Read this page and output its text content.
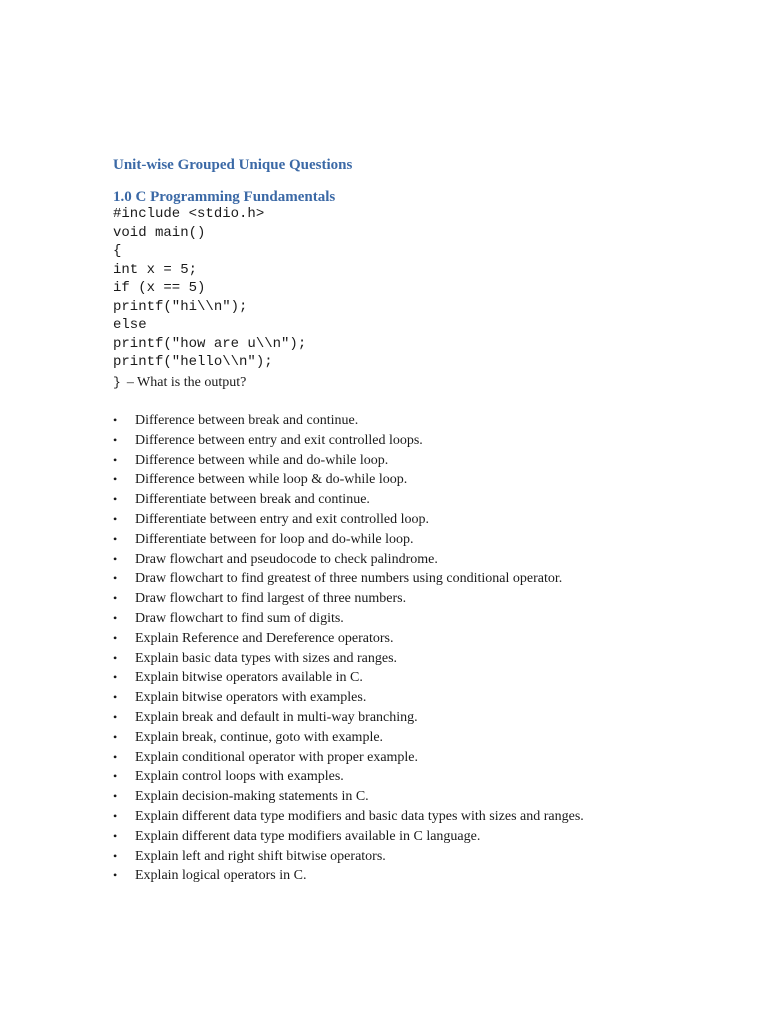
Unit-wise Grouped Unique Questions
1.0 C Programming Fundamentals
#include <stdio.h>
void main()
{
int x = 5;
if (x == 5)
printf("hi\\n");
else
printf("how are u\\n");
printf("hello\\n");
} – What is the output?
• Difference between break and continue.
• Difference between entry and exit controlled loops.
• Difference between while and do-while loop.
• Difference between while loop & do-while loop.
• Differentiate between break and continue.
• Differentiate between entry and exit controlled loop.
• Differentiate between for loop and do-while loop.
• Draw flowchart and pseudocode to check palindrome.
• Draw flowchart to find greatest of three numbers using conditional operator.
• Draw flowchart to find largest of three numbers.
• Draw flowchart to find sum of digits.
• Explain Reference and Dereference operators.
• Explain basic data types with sizes and ranges.
• Explain bitwise operators available in C.
• Explain bitwise operators with examples.
• Explain break and default in multi-way branching.
• Explain break, continue, goto with example.
• Explain conditional operator with proper example.
• Explain control loops with examples.
• Explain decision-making statements in C.
• Explain different data type modifiers and basic data types with sizes and ranges.
• Explain different data type modifiers available in C language.
• Explain left and right shift bitwise operators.
• Explain logical operators in C.
